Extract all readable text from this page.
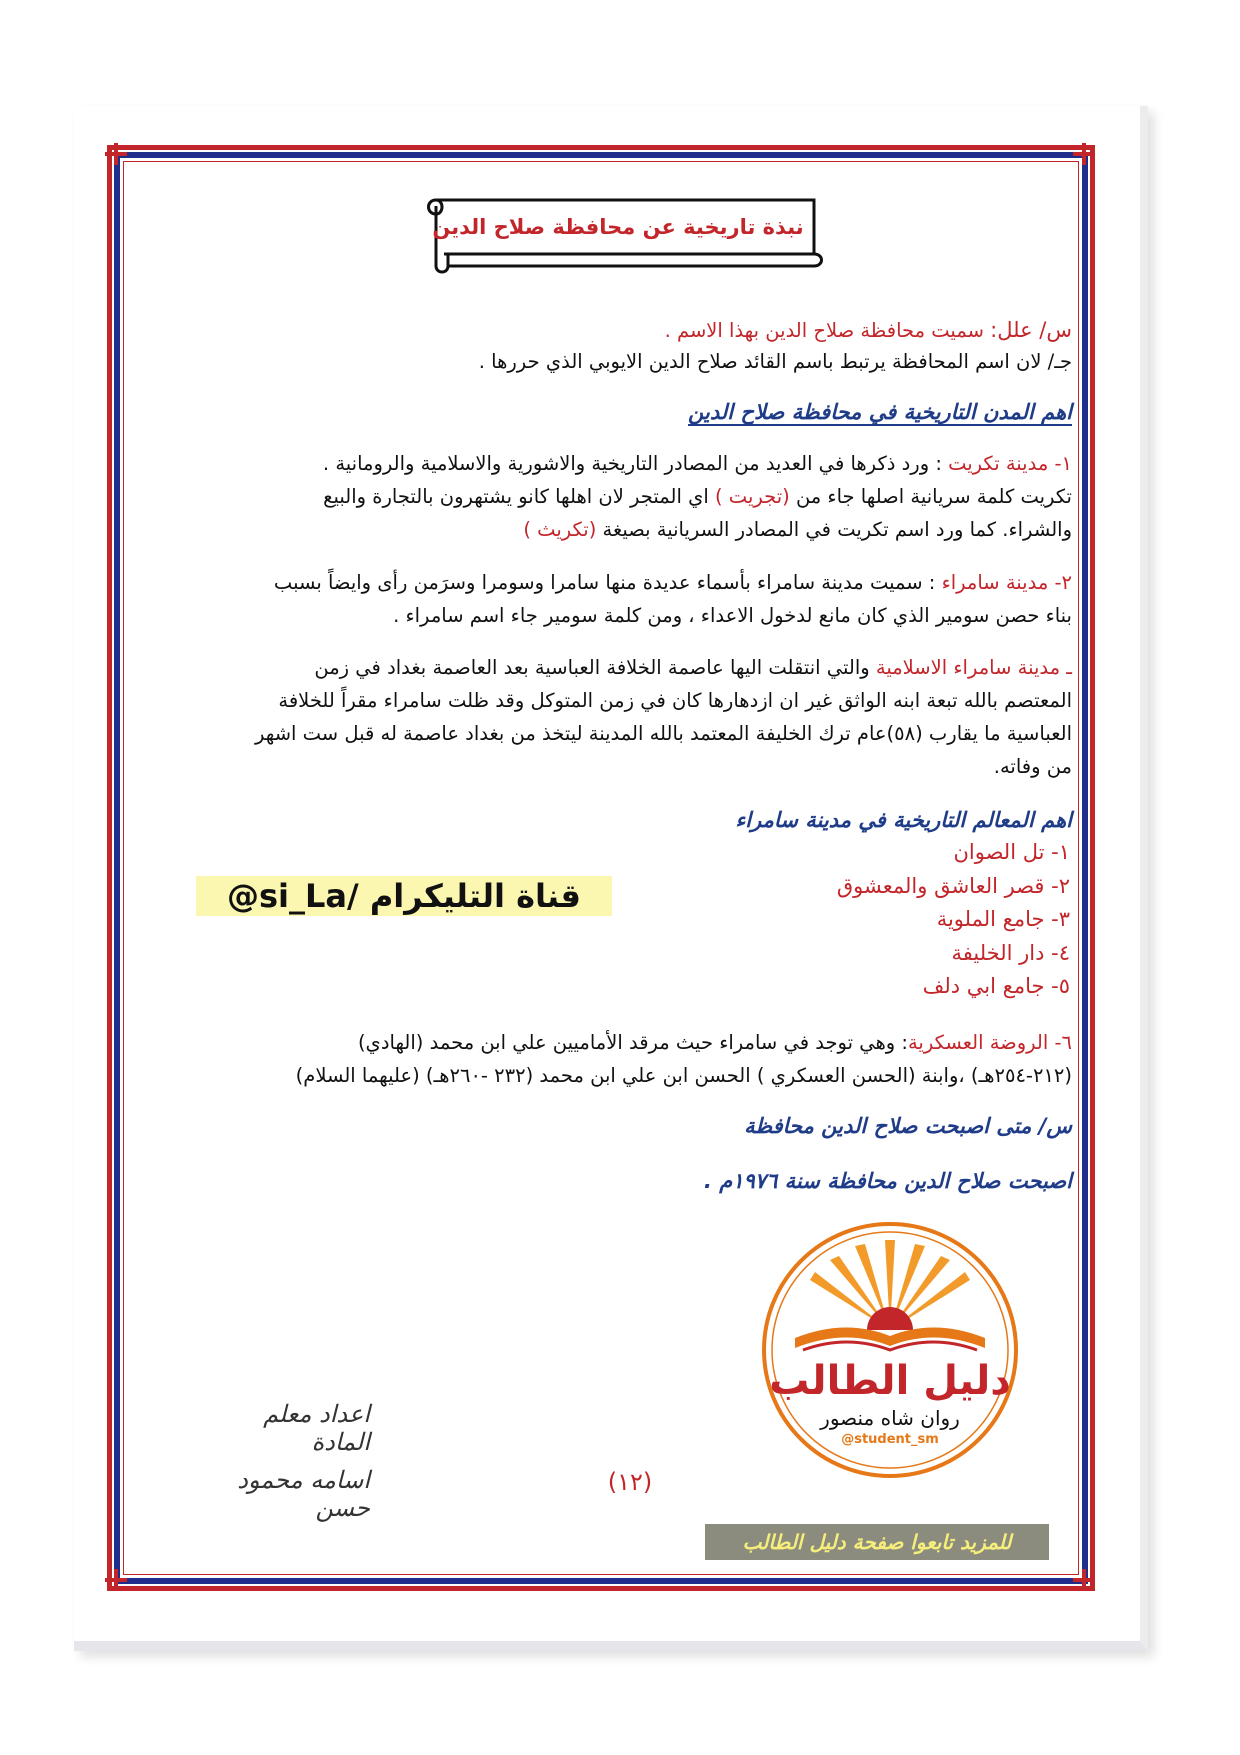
نبذة تاريخية عن محافظة صلاح الدين
س/ علل: سميت محافظة صلاح الدين بهذا الاسم .
جـ/ لان اسم المحافظة يرتبط باسم القائد صلاح الدين الايوبي الذي حررها .
اهم المدن التاريخية في محافظة صلاح الدين
١- مدينة تكريت : ورد ذكرها في العديد من المصادر التاريخية والاشورية والاسلامية والرومانية .
تكريت كلمة سريانية اصلها جاء من (تجريت ) اي المتجر لان اهلها كانو يشتهرون بالتجارة والبيع
والشراء. كما ورد اسم تكريت في المصادر السريانية بصيغة (تكريث )
٢- مدينة سامراء : سميت مدينة سامراء بأسماء عديدة منها سامرا وسومرا وسرَمن رأى وايضاً بسبب
بناء حصن سومير الذي كان مانع لدخول الاعداء ، ومن كلمة سومير جاء اسم سامراء .
ـ مدينة سامراء الاسلامية والتي انتقلت اليها عاصمة الخلافة العباسية بعد العاصمة بغداد في زمن
المعتصم بالله تبعة ابنه الواثق غير ان ازدهارها كان في زمن المتوكل وقد ظلت سامراء مقراً للخلافة
العباسية ما يقارب (٥٨)عام ترك الخليفة المعتمد بالله المدينة ليتخذ من بغداد عاصمة له قبل ست اشهر
من وفاته.
اهم المعالم التاريخية في مدينة سامراء
١- تل الصوان
٢- قصر العاشق والمعشوق
٣- جامع الملوية
٤- دار الخليفة
٥- جامع ابي دلف
@si_La/ قناة التليكرام
٦- الروضة العسكرية: وهي توجد في سامراء حيث مرقد الأماميين علي ابن محمد (الهادي)
(٢١٢-٢٥٤هـ) ،وابنة (الحسن العسكري ) الحسن ابن علي ابن محمد (٢٣٢ -٢٦٠هـ) (عليهما السلام)
س/ متى اصبحت صلاح الدين محافظة
اصبحت صلاح الدين محافظة سنة ١٩٧٦م .
دليل الطالب
روان شاه منصور
@student_sm
اعداد معلم المادة
اسامه محمود حسن
(١٢)
للمزيد تابعوا صفحة دليل الطالب
